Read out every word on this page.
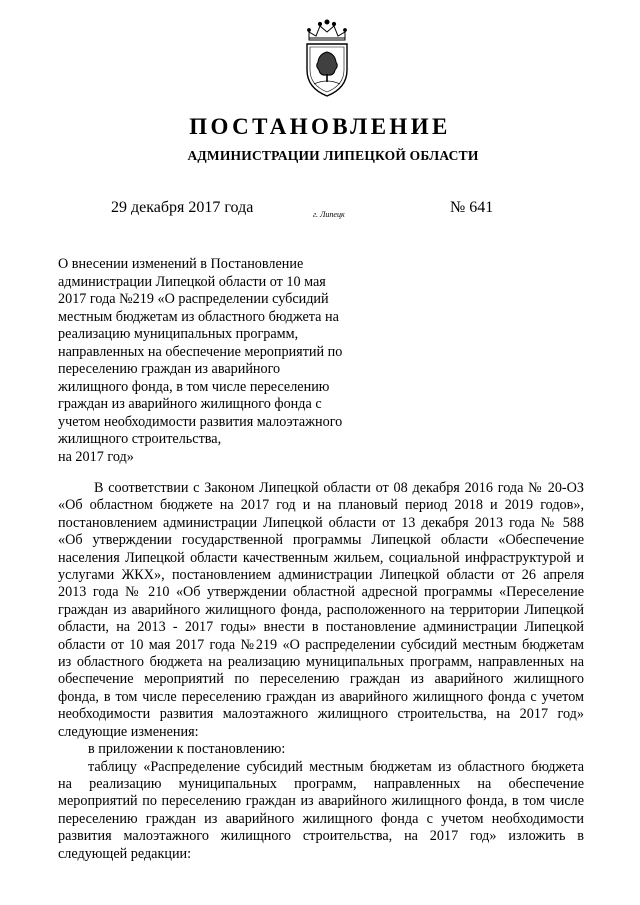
ПОСТАНОВЛЕНИЕ
АДМИНИСТРАЦИИ ЛИПЕЦКОЙ ОБЛАСТИ
29 декабря 2017 года	г. Липецк	№ 641
О внесении изменений в Постановление
администрации Липецкой области от 10 мая
2017 года №219 «О распределении субсидий
местным бюджетам из областного бюджета на
реализацию муниципальных программ,
направленных на обеспечение мероприятий по
переселению граждан из аварийного
жилищного фонда, в том числе переселению
граждан из аварийного жилищного фонда с
учетом необходимости развития малоэтажного
жилищного строительства,
на 2017 год»
В соответствии с Законом Липецкой области от 08 декабря 2016 года № 20-ОЗ
«Об областном бюджете на 2017 год и на плановый период 2018 и 2019 годов»,
постановлением администрации Липецкой области от 13 декабря 2013 года № 588
«Об утверждении государственной программы Липецкой области «Обеспечение
населения Липецкой области качественным жильем, социальной инфраструктурой и
услугами ЖКХ», постановлением администрации Липецкой области от 26 апреля
2013 года № 210 «Об утверждении областной адресной программы «Переселение
граждан из аварийного жилищного фонда, расположенного на территории Липецкой
области, на 2013 - 2017 годы» внести в постановление администрации Липецкой
области от 10 мая 2017 года №219 «О распределении субсидий местным бюджетам
из областного бюджета на реализацию муниципальных программ, направленных на
обеспечение мероприятий по переселению граждан из аварийного жилищного
фонда, в том числе переселению граждан из аварийного жилищного фонда с учетом
необходимости развития малоэтажного жилищного строительства, на 2017 год»
следующие изменения:
в приложении к постановлению:
таблицу «Распределение субсидий местным бюджетам из областного бюджета
на реализацию муниципальных программ, направленных на обеспечение
мероприятий по переселению граждан из аварийного жилищного фонда, в том числе
переселению граждан из аварийного жилищного фонда с учетом необходимости
развития малоэтажного жилищного строительства, на 2017 год» изложить в
следующей редакции:
